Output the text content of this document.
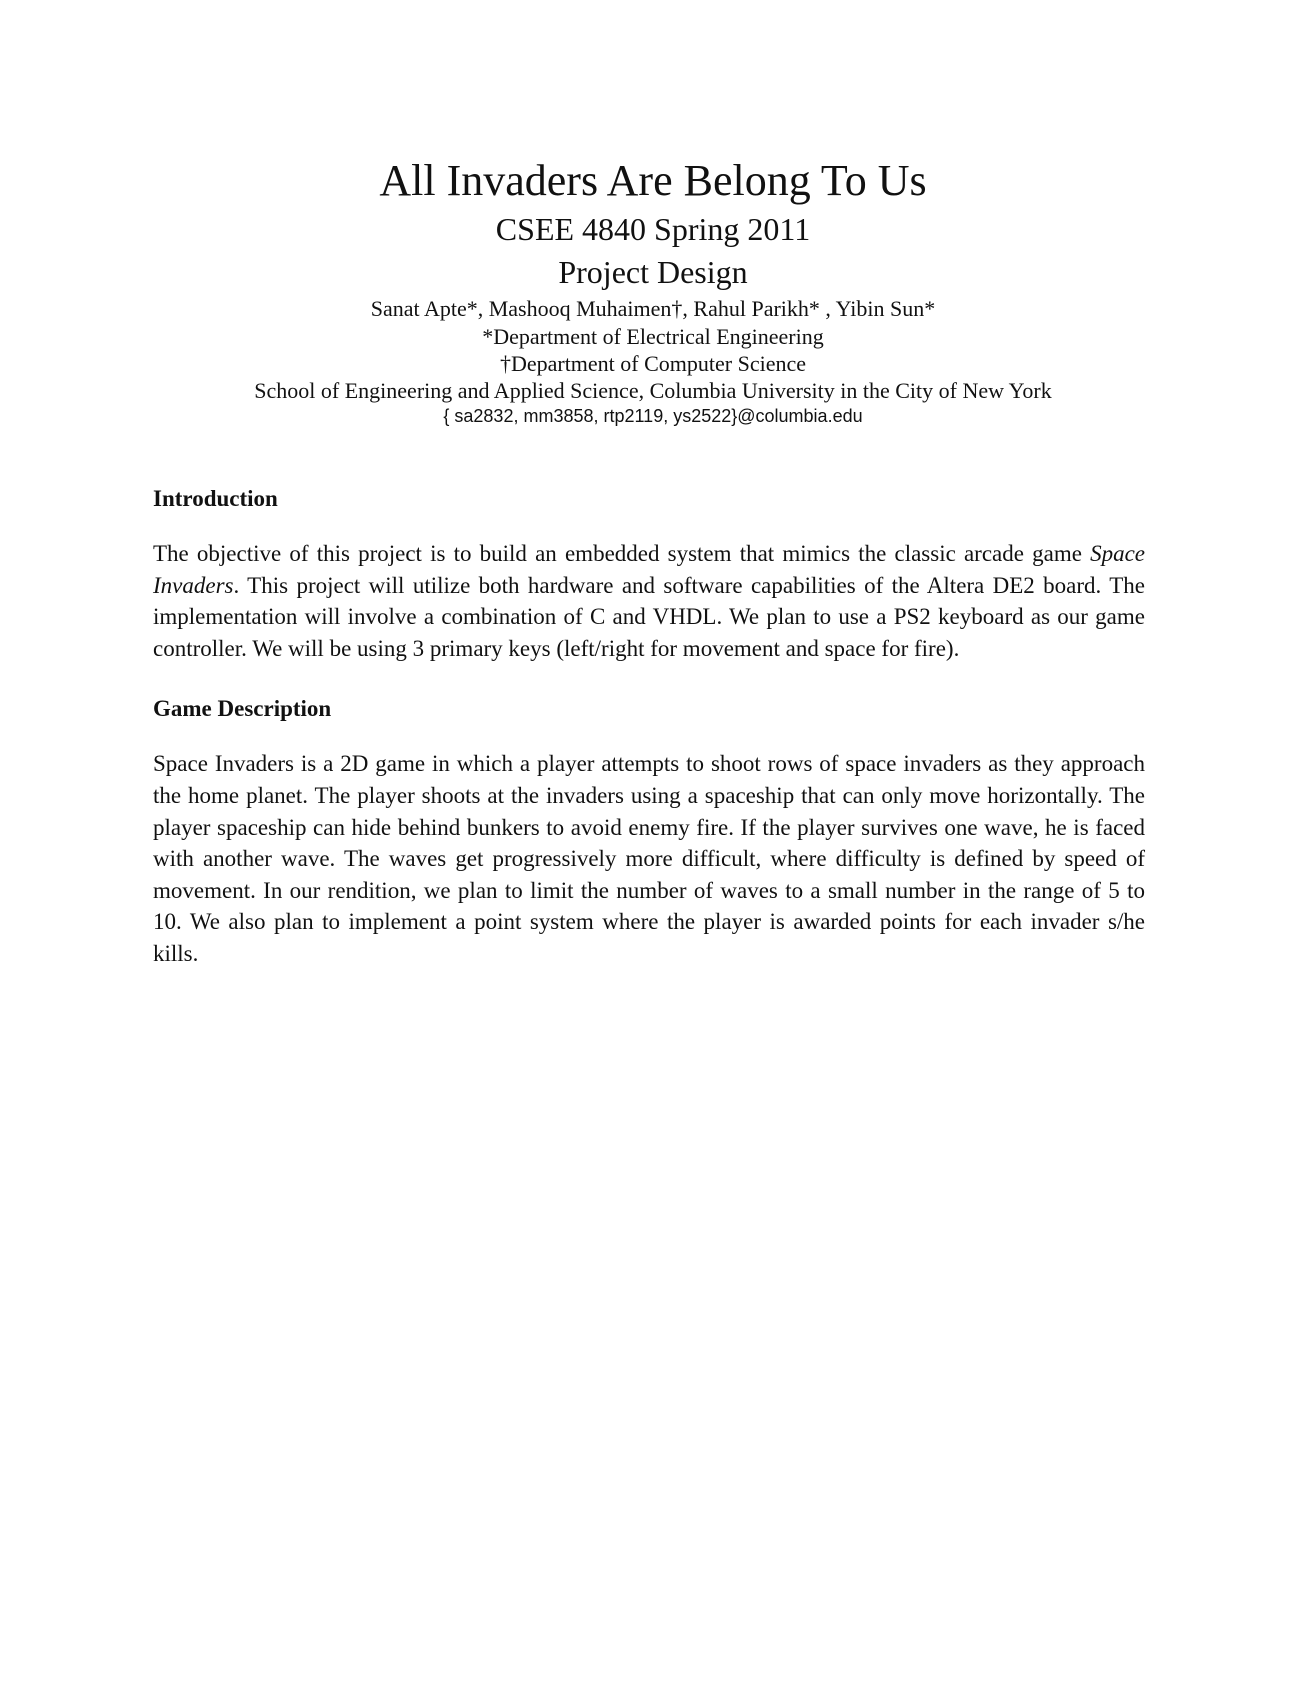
All Invaders Are Belong To Us
CSEE 4840 Spring 2011
Project Design

Sanat Apte*, Mashooq Muhaimen†, Rahul Parikh* , Yibin Sun*

*Department of Electrical Engineering

†Department of Computer Science

School of Engineering and Applied Science, Columbia University in the City of New York

{ sa2832, mm3858, rtp2119, ys2522}@columbia.edu

Introduction

The objective of this project is to build an embedded system that mimics the classic arcade game Space Invaders. This project will utilize both hardware and software capabilities of the Altera DE2 board. The implementation will involve a combination of C and VHDL. We plan to use a PS2 keyboard as our game controller. We will be using 3 primary keys (left/right for movement and space for fire).

Game Description

Space Invaders is a 2D game in which a player attempts to shoot rows of space invaders as they approach the home planet. The player shoots at the invaders using a spaceship that can only move horizontally. The player spaceship can hide behind bunkers to avoid enemy fire. If the player survives one wave, he is faced with another wave. The waves get progressively more difficult, where difficulty is defined by speed of movement. In our rendition, we plan to limit the number of waves to a small number in the range of 5 to 10. We also plan to implement a point system where the player is awarded points for each invader s/he kills.
